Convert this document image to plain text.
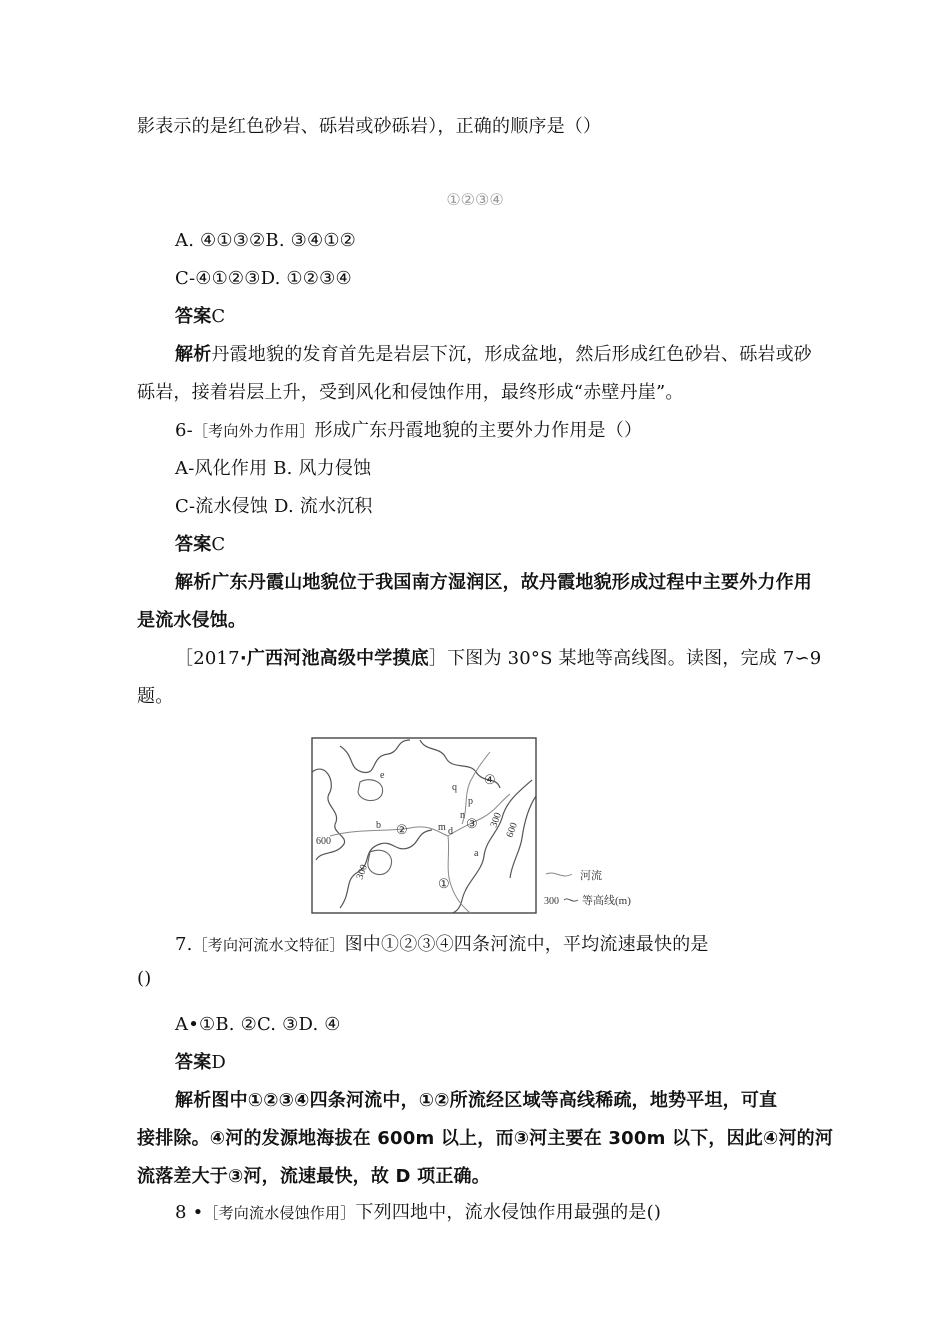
影表示的是红色砂岩、砾岩或砂砾岩），正确的顺序是（）
①②③④
A. ④①③②B. ③④①②
C-④①②③D. ①②③④
答案C
解析丹霞地貌的发育首先是岩层下沉，形成盆地，然后形成红色砂岩、砾岩或砂
砾岩，接着岩层上升，受到风化和侵蚀作用，最终形成“赤壁丹崖”。
6-［考向外力作用］形成广东丹霞地貌的主要外力作用是（）
A-风化作用 B. 风力侵蚀
C-流水侵蚀 D. 流水沉积
答案C
解析广东丹霞山地貌位于我国南方湿润区，故丹霞地貌形成过程中主要外力作用
是流水侵蚀。
［2017·广西河池高级中学摸底］下图为 30°S 某地等高线图。读图，完成 7∽9
题。
e
q
p
n
m d
b
a
④
②	③
①
600
300
300
600
河流
300 等高线(m)
7.［考向河流水文特征］图中①②③④四条河流中，平均流速最快的是
()
A•①B. ②C. ③D. ④
答案D
解析图中①②③④四条河流中，①②所流经区域等高线稀疏，地势平坦，可直
接排除。④河的发源地海拔在 600m 以上，而③河主要在 300m 以下，因此④河的河
流落差大于③河，流速最快，故 D 项正确。
8 •［考向流水侵蚀作用］下列四地中，流水侵蚀作用最强的是()
